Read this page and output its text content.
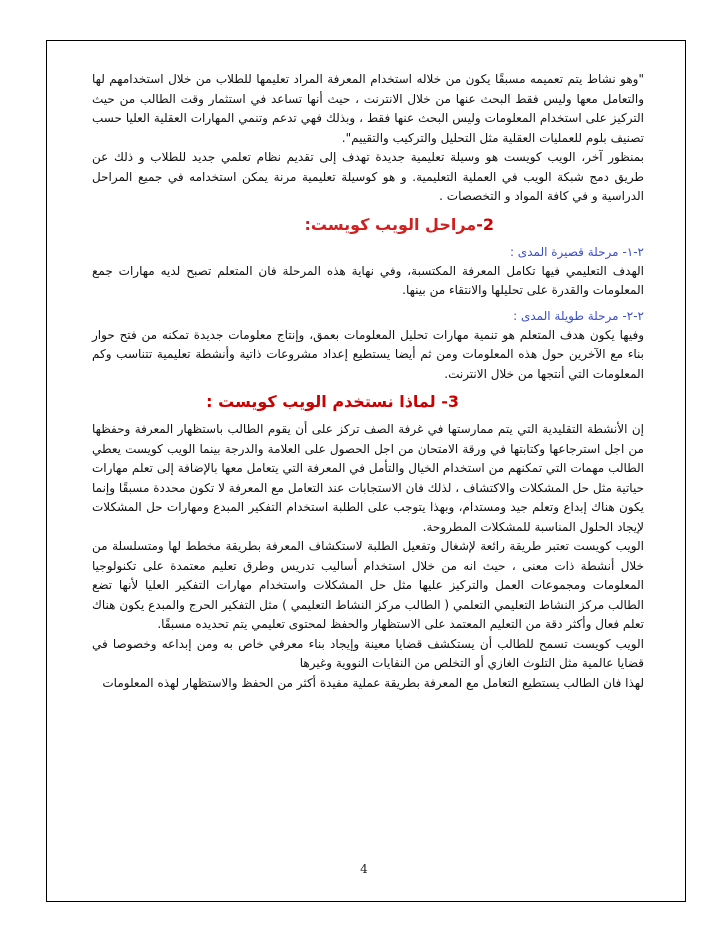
"وهو نشاط يتم تعميمه مسبقًا يكون من خلاله استخدام المعرفة المراد تعليمها للطلاب من خلال استخدامهم لها والتعامل معها وليس فقط البحث عنها من خلال الانترنت ، حيث أنها تساعد في استثمار وقت الطالب من حيث التركيز على استخدام المعلومات وليس البحث عنها فقط ، وبذلك فهي تدعم وتنمي المهارات العقلية العليا حسب تصنيف بلوم للعمليات العقلية مثل التحليل والتركيب والتقييم".

بمنظور آخر، الويب كويست هو وسيلة تعليمية جديدة تهدف إلى تقديم نظام تعلمي جديد للطلاب و ذلك عن طريق دمج شبكة الويب في العملية التعليمية. و هو كوسيلة تعليمية مرنة يمكن استخدامه في جميع المراحل الدراسية و في كافة المواد و التخصصات .

2-مراحل الويب كويست:

٢-١- مرحلة قصيرة المدى :

الهدف التعليمي فيها تكامل المعرفة المكتسبة، وفي نهاية هذه المرحلة فان المتعلم تصبح لديه مهارات جمع المعلومات والقدرة على تحليلها والانتقاء من بينها.

٢-٢- مرحلة طويلة المدى :

وفيها يكون هدف المتعلم هو تنمية مهارات تحليل المعلومات بعمق، وإنتاج معلومات جديدة تمكنه من فتح حوار بناء مع الآخرين حول هذه المعلومات ومن ثم أيضا يستطيع إعداد مشروعات ذاتية وأنشطة تعليمية تتناسب وكم المعلومات التي أنتجها من خلال الانترنت.

3- لماذا نستخدم الويب كويست :

إن الأنشطة التقليدية التي يتم ممارستها في غرفة الصف تركز على أن يقوم الطالب باستظهار المعرفة وحفظها من اجل استرجاعها وكتابتها في ورقة الامتحان من اجل الحصول على العلامة والدرجة بينما الويب كويست يعطي الطالب مهمات التي تمكنهم من استخدام الخيال والتأمل في المعرفة التي يتعامل معها بالإضافة إلى تعلم مهارات حياتية مثل حل المشكلات والاكتشاف ، لذلك فان الاستجابات عند التعامل مع المعرفة لا تكون محددة مسبقًا وإنما يكون هناك إبداع وتعلم جيد ومستدام، وبهذا يتوجب على الطلبة استخدام التفكير المبدع ومهارات حل المشكلات لإيجاد الحلول المناسبة للمشكلات المطروحة.

الويب كويست تعتبر طريقة رائعة لإشغال وتفعيل الطلبة لاستكشاف المعرفة بطريقة مخطط لها ومتسلسلة من خلال أنشطة ذات معنى ، حيث انه من خلال استخدام أساليب تدريس وطرق تعليم معتمدة على تكنولوجيا المعلومات ومجموعات العمل والتركيز عليها مثل حل المشكلات واستخدام مهارات التفكير العليا لأنها تضع الطالب مركز النشاط التعليمي التعلمي ( الطالب مركز النشاط التعليمي ) مثل التفكير الحرج والمبدع يكون هناك تعلم فعال وأكثر دقة من التعليم المعتمد على الاستظهار والحفظ لمحتوى تعليمي يتم تحديده مسبقًا.

الويب كويست تسمح للطالب أن يستكشف قضايا معينة وإيجاد بناء معرفي خاص به ومن إبداعه وخصوصا في قضايا عالمية مثل التلوث الغازي أو التخلص من النفايات النووية وغيرها

لهذا فان الطالب يستطيع التعامل مع المعرفة بطريقة عملية مفيدة أكثر من الحفظ والاستظهار لهذه المعلومات

4
